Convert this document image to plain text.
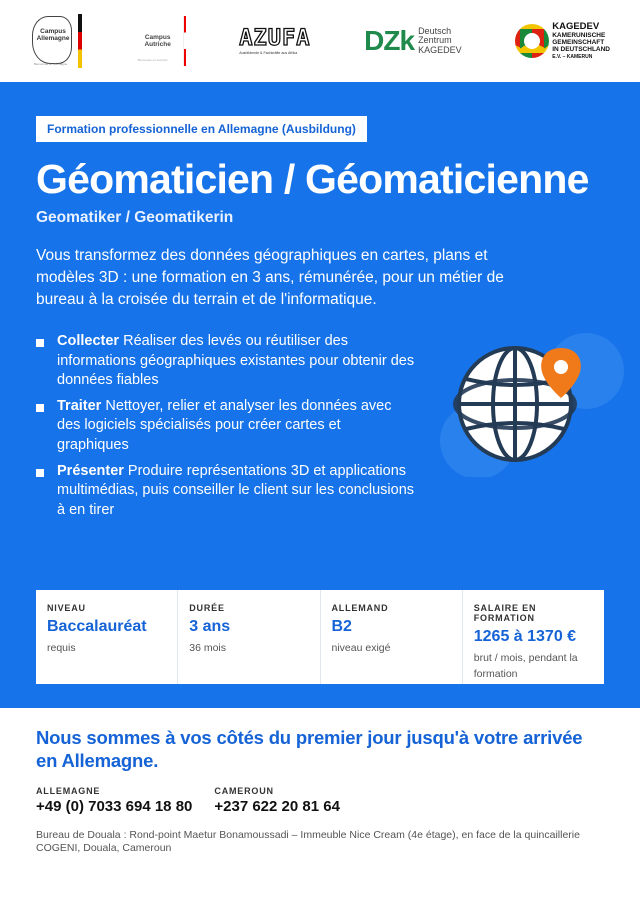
Campus
Allemagne
Bienvenue en Allemagne
Campus
Autriche
Bienvenue en Autriche
AZUFA
Ausbildende & Fachkräfte aus Afrika DZk Deutsch
Zentrum
KAGEDEV
KAGEDEV
KAMERUNISCHE
GEMEINSCHAFT
IN DEUTSCHLAND
E.V. – KAMERUN
Formation professionnelle en Allemagne (Ausbildung)
Géomaticien / Géomaticienne
Geomatiker / Geomatikerin

Vous transformez des données géographiques en cartes, plans et modèles 3D : une formation en 3 ans, rémunérée, pour un métier de bureau à la croisée du terrain et de l'informatique.

Collecter Réaliser des levés ou réutiliser des informations géographiques existantes pour obtenir des données fiables
Traiter Nettoyer, relier et analyser les données avec des logiciels spécialisés pour créer cartes et graphiques
Présenter Produire représentations 3D et applications multimédias, puis conseiller le client sur les conclusions à en tirer
NIVEAU
Baccalauréat
requis
DURÉE
3 ans
36 mois
ALLEMAND
B2
niveau exigé
SALAIRE EN FORMATION
1265 à 1370 €
brut / mois, pendant la formation
Nous sommes à vos côtés du premier jour jusqu'à votre arrivée en Allemagne.
ALLEMAGNE
+49 (0) 7033 694 18 80
CAMEROUN
+237 622 20 81 64
Bureau de Douala : Rond-point Maetur Bonamoussadi – Immeuble Nice Cream (4e étage), en face de la quincaillerie COGENI, Douala, Cameroun
